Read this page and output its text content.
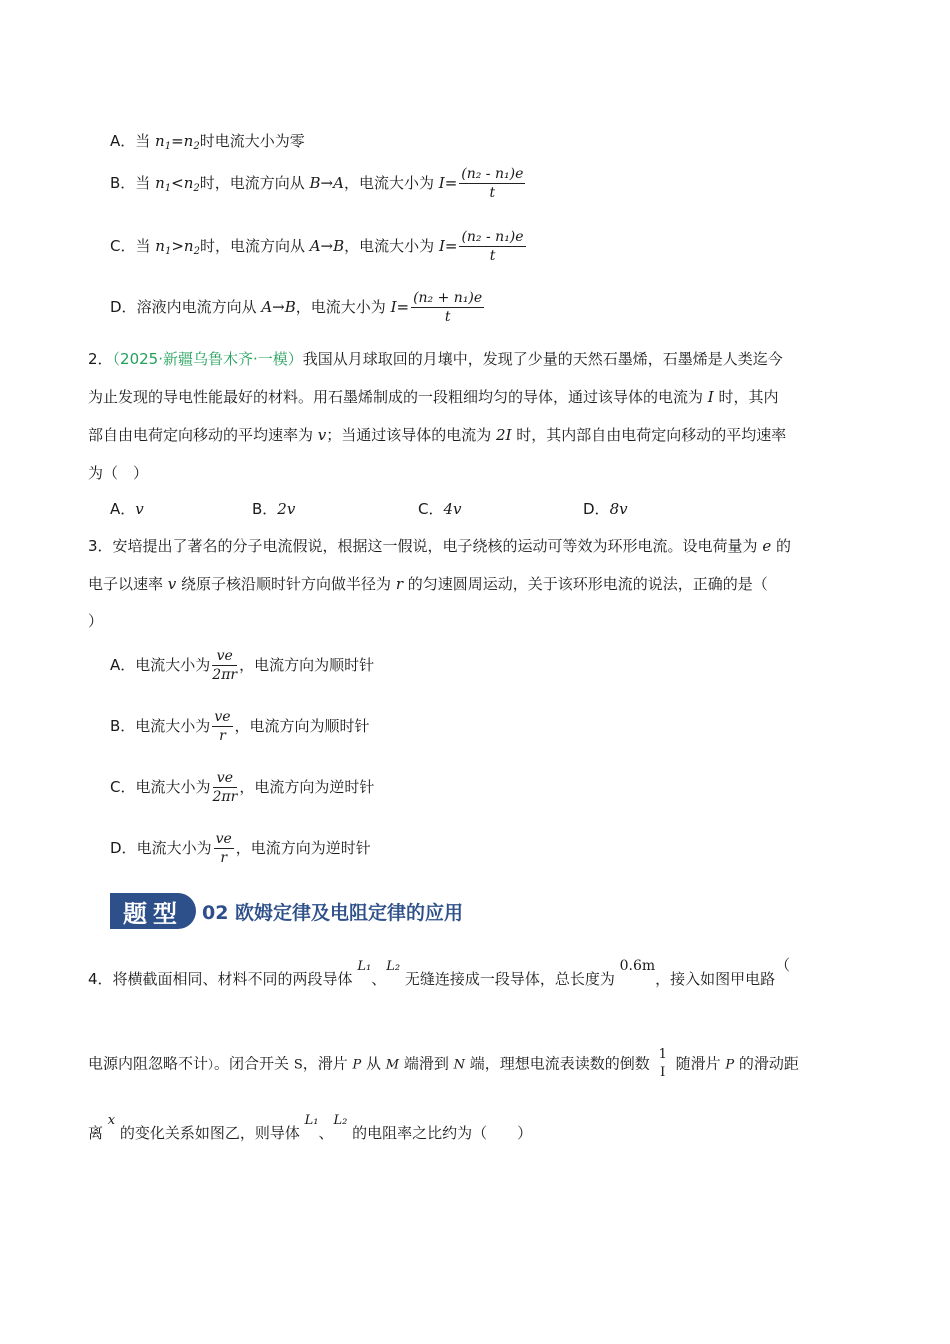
A．当 $n_1=n_2$时电流大小为零
B．当 $n_1<n_2$时，电流方向从 B→A，电流大小为 $I= \frac{\text{(n₂ - n₁)e}}{t}$
C．当 $n_1>n_2$时，电流方向从 A→B，电流大小为 $I= \frac{\text{(n₂ - n₁)e}}{t}$
D．溶液内电流方向从 A→B，电流大小为 $I= \frac{\text{(n₂ + n₁)e}}{t}$
2．（2025·新疆乌鲁木齐·一模）我国从月球取回的月壤中，发现了少量的天然石墨烯，石墨烯是人类迄今
为止发现的导电性能最好的材料。用石墨烯制成的一段粗细均匀的导体，通过该导体的电流为 I 时，其内
部自由电荷定向移动的平均速率为 v；当通过该导体的电流为 2I 时，其内部自由电荷定向移动的平均速率
为（　）
A．v	B．2v	C．4v	D．8v
3．安培提出了著名的分子电流假说，根据这一假说，电子绕核的运动可等效为环形电流。设电荷量为 e 的
电子以速率 v 绕原子核沿顺时针方向做半径为 r 的匀速圆周运动，关于该环形电流的说法，正确的是（
）
A．电流大小为 $\frac{ve}{2\pi r}$ ，电流方向为顺时针
B．电流大小为 $\frac{ve}{r}$ ，电流方向为顺时针
C．电流大小为 $\frac{ve}{2\pi r}$ ，电流方向为逆时针
D．电流大小为 $\frac{ve}{r}$ ，电流方向为逆时针
题型	02 欧姆定律及电阻定律的应用
4．将横截面相同、材料不同的两段导体 L₁、L₂ 无缝连接成一段导体，总长度为 0.6m，接入如图甲电路（
电源内阻忽略不计）。闭合开关 S，滑片 P 从 M 端滑到 N 端，理想电流表读数的倒数 1
I 随滑片 P 的滑动距
离 x 的变化关系如图乙，则导体 L₁、L₂ 的电阻率之比约为（　　）
